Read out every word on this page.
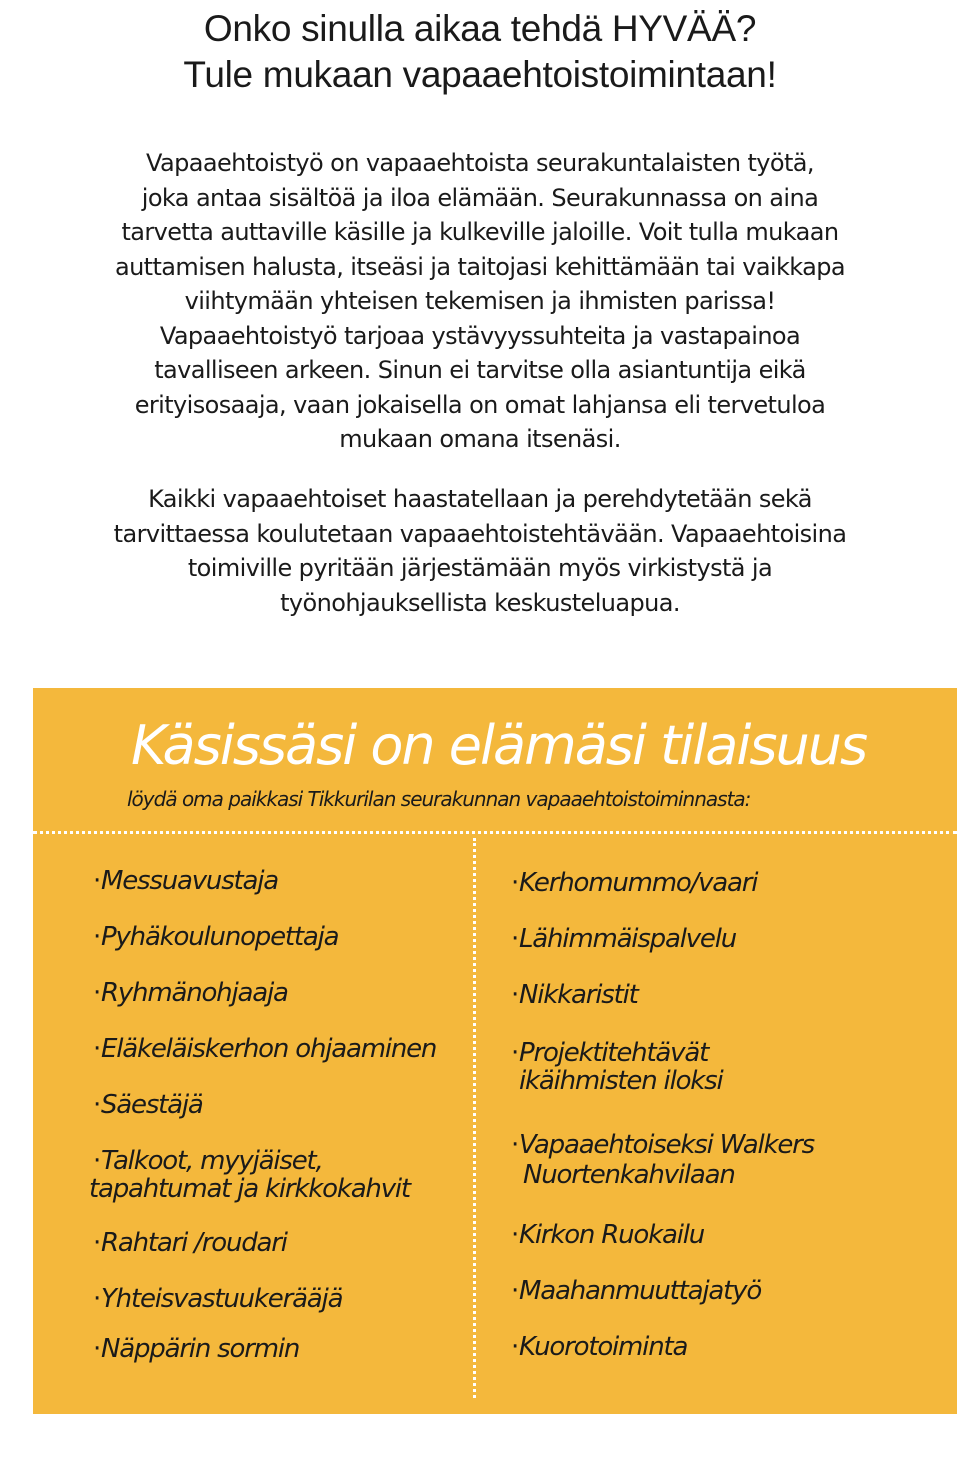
Onko sinulla aikaa tehdä HYVÄÄ?
Tule mukaan vapaaehtoistoimintaan!
Vapaaehtoistyö on vapaaehtoista seurakuntalaisten työtä,
joka antaa sisältöä ja iloa elämään. Seurakunnassa on aina
tarvetta auttaville käsille ja kulkeville jaloille. Voit tulla mukaan
auttamisen halusta, itseäsi ja taitojasi kehittämään tai vaikkapa
viihtymään yhteisen tekemisen ja ihmisten parissa!
Vapaaehtoistyö tarjoaa ystävyyssuhteita ja vastapainoa
tavalliseen arkeen. Sinun ei tarvitse olla asiantuntija eikä
erityisosaaja, vaan jokaisella on omat lahjansa eli tervetuloa
mukaan omana itsenäsi.
Kaikki vapaaehtoiset haastatellaan ja perehdytetään sekä
tarvittaessa koulutetaan vapaaehtoistehtävään. Vapaaehtoisina
toimiville pyritään järjestämään myös virkistystä ja
työnohjauksellista keskusteluapua.
Käsissäsi on elämäsi tilaisuus
löydä oma paikkasi Tikkurilan seurakunnan vapaaehtoistoiminnasta:
·Messuavustaja
·Pyhäkoulunopettaja
·Ryhmänohjaaja
·Eläkeläiskerhon ohjaaminen
·Säestäjä
·Talkoot, myyjäiset,
tapahtumat ja kirkkokahvit
·Rahtari /roudari
·Yhteisvastuukerääjä
·Näppärin sormin
·Kerhomummo/vaari
·Lähimmäispalvelu
·Nikkaristit
·Projektitehtävät
ikäihmisten iloksi
·Vapaaehtoiseksi Walkers
Nuortenkahvilaan
·Kirkon Ruokailu
·Maahanmuuttajatyö
·Kuorotoiminta
